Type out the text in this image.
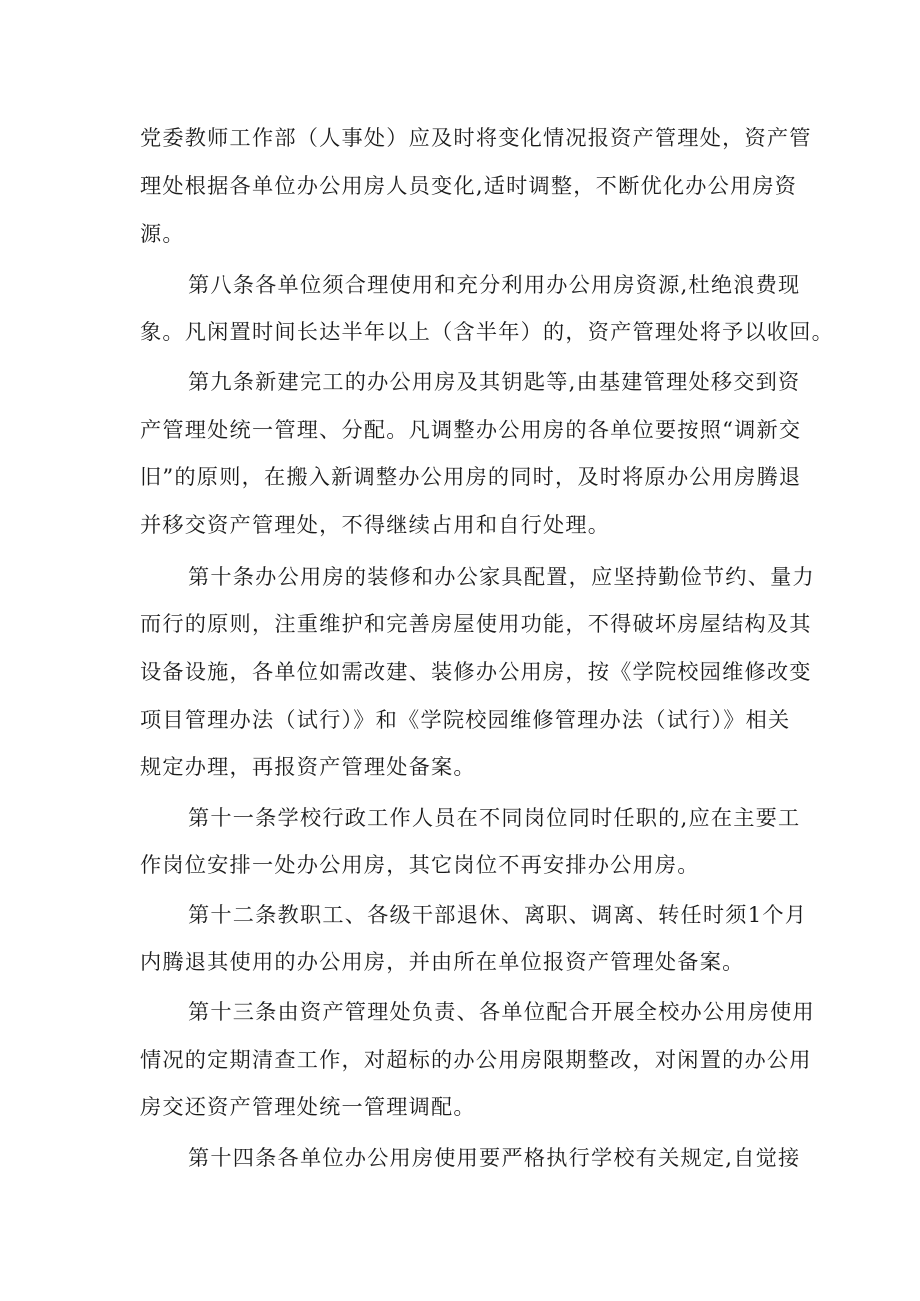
党委教师工作部（人事处）应及时将变化情况报资产管理处，资产管
理处根据各单位办公用房人员变化,适时调整，不断优化办公用房资
源。
第八条各单位须合理使用和充分利用办公用房资源,杜绝浪费现
象。凡闲置时间长达半年以上（含半年）的，资产管理处将予以收回。
第九条新建完工的办公用房及其钥匙等,由基建管理处移交到资
产管理处统一管理、分配。凡调整办公用房的各单位要按照“调新交
旧”的原则，在搬入新调整办公用房的同时，及时将原办公用房腾退
并移交资产管理处，不得继续占用和自行处理。
第十条办公用房的装修和办公家具配置，应坚持勤俭节约、量力
而行的原则，注重维护和完善房屋使用功能，不得破坏房屋结构及其
设备设施，各单位如需改建、装修办公用房，按《学院校园维修改变
项目管理办法（试行）》和《学院校园维修管理办法（试行）》相关
规定办理，再报资产管理处备案。
第十一条学校行政工作人员在不同岗位同时任职的,应在主要工
作岗位安排一处办公用房，其它岗位不再安排办公用房。
第十二条教职工、各级干部退休、离职、调离、转任时须1个月
内腾退其使用的办公用房，并由所在单位报资产管理处备案。
第十三条由资产管理处负责、各单位配合开展全校办公用房使用
情况的定期清查工作，对超标的办公用房限期整改，对闲置的办公用
房交还资产管理处统一管理调配。
第十四条各单位办公用房使用要严格执行学校有关规定,自觉接
